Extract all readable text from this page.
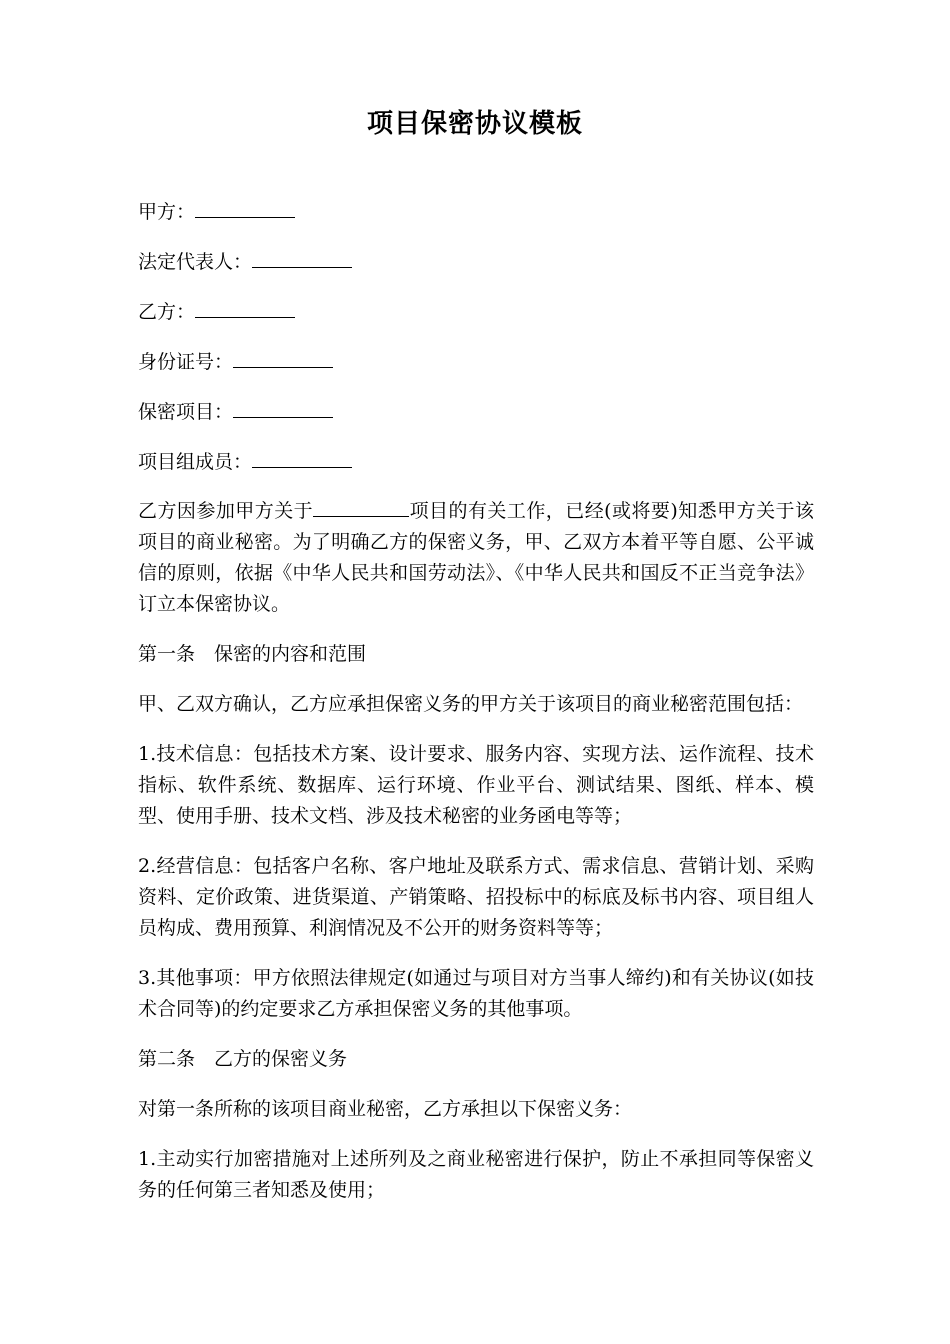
项目保密协议模板
甲方：
法定代表人：
乙方：
身份证号：
保密项目：
项目组成员：

乙方因参加甲方关于	项目的有关工作，已经(或将要)知悉甲方关于该项目的商业秘密。为了明确乙方的保密义务，甲、乙双方本着平等自愿、公平诚信的原则，依据《中华人民共和国劳动法》、《中华人民共和国反不正当竞争法》订立本保密协议。

第一条　保密的内容和范围

甲、乙双方确认，乙方应承担保密义务的甲方关于该项目的商业秘密范围包括：

1.技术信息：包括技术方案、设计要求、服务内容、实现方法、运作流程、技术指标、软件系统、数据库、运行环境、作业平台、测试结果、图纸、样本、模型、使用手册、技术文档、涉及技术秘密的业务函电等等；

2.经营信息：包括客户名称、客户地址及联系方式、需求信息、营销计划、采购资料、定价政策、进货渠道、产销策略、招投标中的标底及标书内容、项目组人员构成、费用预算、利润情况及不公开的财务资料等等；

3.其他事项：甲方依照法律规定(如通过与项目对方当事人缔约)和有关协议(如技术合同等)的约定要求乙方承担保密义务的其他事项。

第二条　乙方的保密义务

对第一条所称的该项目商业秘密，乙方承担以下保密义务：

1.主动实行加密措施对上述所列及之商业秘密进行保护，防止不承担同等保密义务的任何第三者知悉及使用；
